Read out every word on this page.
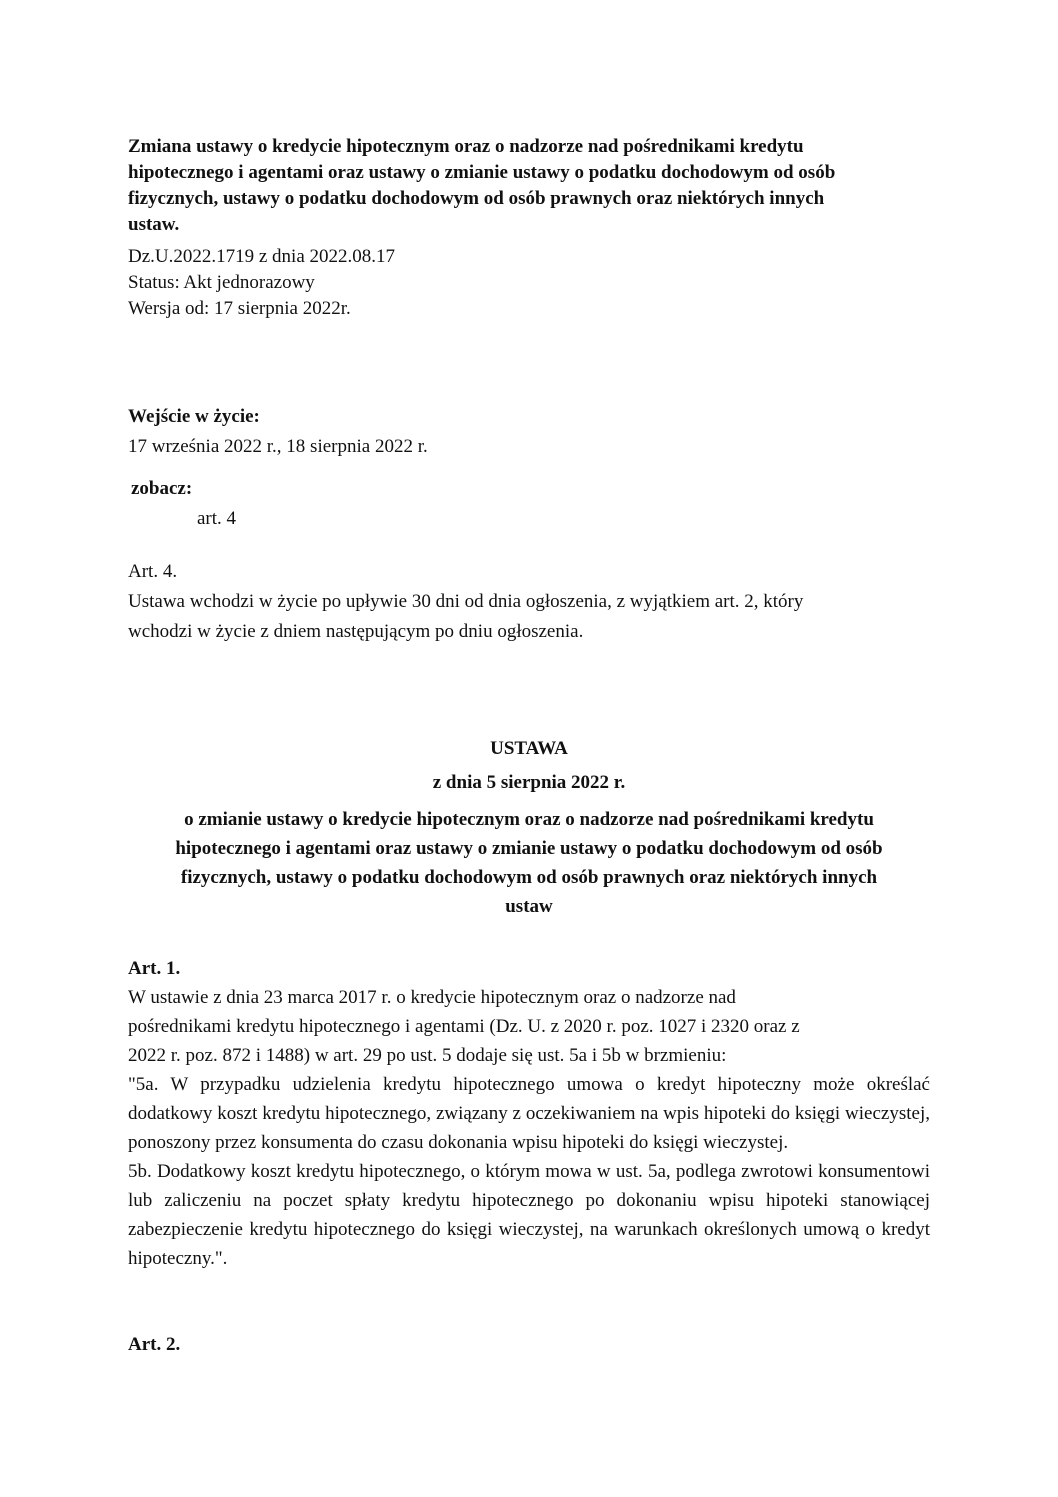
Zmiana ustawy o kredycie hipotecznym oraz o nadzorze nad pośrednikami kredytu
hipotecznego i agentami oraz ustawy o zmianie ustawy o podatku dochodowym od osób
fizycznych, ustawy o podatku dochodowym od osób prawnych oraz niektórych innych
ustaw.
Dz.U.2022.1719 z dnia 2022.08.17
Status: Akt jednorazowy
Wersja od: 17 sierpnia 2022r.
Wejście w życie:
17 września 2022 r., 18 sierpnia 2022 r.
zobacz:
art. 4
Art. 4.
Ustawa wchodzi w życie po upływie 30 dni od dnia ogłoszenia, z wyjątkiem art. 2, który
wchodzi w życie z dniem następującym po dniu ogłoszenia.
USTAWA
z dnia 5 sierpnia 2022 r.
o zmianie ustawy o kredycie hipotecznym oraz o nadzorze nad pośrednikami kredytu
hipotecznego i agentami oraz ustawy o zmianie ustawy o podatku dochodowym od osób
fizycznych, ustawy o podatku dochodowym od osób prawnych oraz niektórych innych
ustaw
Art. 1.
W ustawie z dnia 23 marca 2017 r. o kredycie hipotecznym oraz o nadzorze nad
pośrednikami kredytu hipotecznego i agentami (Dz. U. z 2020 r. poz. 1027 i 2320 oraz z
2022 r. poz. 872 i 1488) w art. 29 po ust. 5 dodaje się ust. 5a i 5b w brzmieniu:
"5a. W przypadku udzielenia kredytu hipotecznego umowa o kredyt hipoteczny może określać dodatkowy koszt kredytu hipotecznego, związany z oczekiwaniem na wpis hipoteki do księgi wieczystej, ponoszony przez konsumenta do czasu dokonania wpisu hipoteki do księgi wieczystej.
5b. Dodatkowy koszt kredytu hipotecznego, o którym mowa w ust. 5a, podlega zwrotowi konsumentowi lub zaliczeniu na poczet spłaty kredytu hipotecznego po dokonaniu wpisu hipoteki stanowiącej zabezpieczenie kredytu hipotecznego do księgi wieczystej, na warunkach określonych umową o kredyt hipoteczny.".
Art. 2.
